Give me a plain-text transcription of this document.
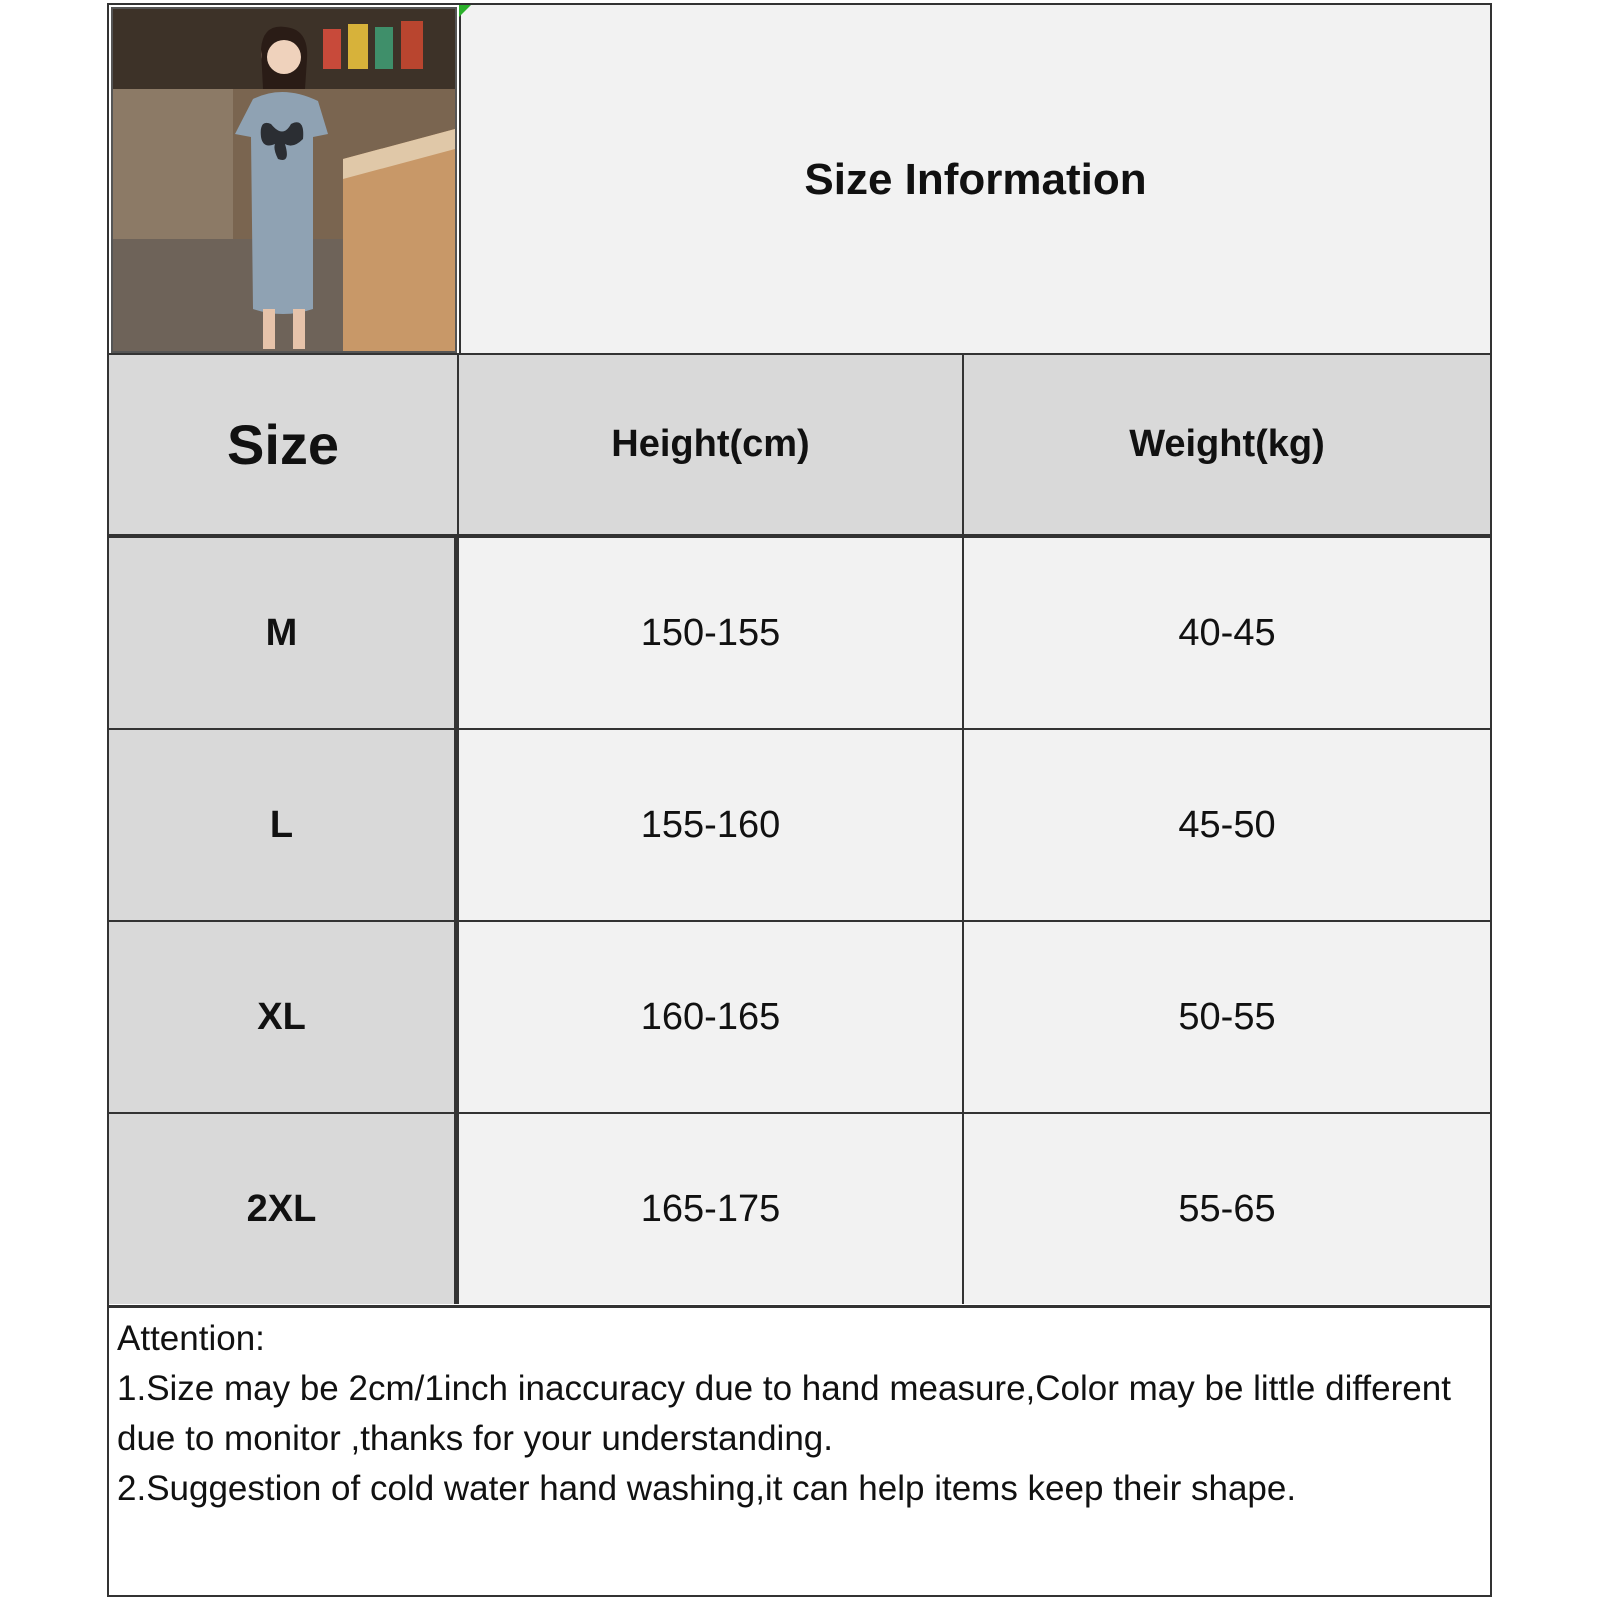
Size Information
Size	Height(cm)	Weight(kg)
M	150-155	40-45
L	155-160	45-50
XL	160-165	50-55
2XL	165-175	55-65

Attention:

1.Size may be 2cm/1inch inaccuracy due to hand measure,Color may be little different due to monitor ,thanks for your understanding.

2.Suggestion of cold water hand washing,it can help items keep their shape.
